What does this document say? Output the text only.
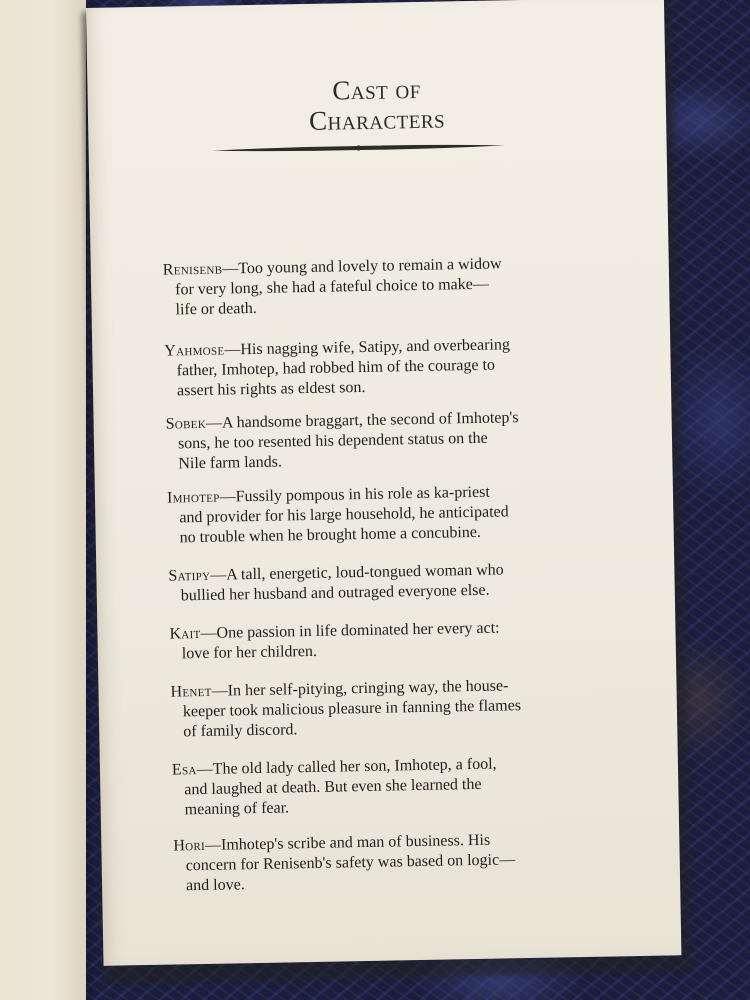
Cast of
Characters
Renisenb—Too young and lovely to remain a widow
for very long, she had a fateful choice to make—
life or death.
Yahmose—His nagging wife, Satipy, and overbearing
father, Imhotep, had robbed him of the courage to
assert his rights as eldest son.
Sobek—A handsome braggart, the second of Imhotep's
sons, he too resented his dependent status on the
Nile farm lands.
Imhotep—Fussily pompous in his role as ka-priest
and provider for his large household, he anticipated
no trouble when he brought home a concubine.
Satipy—A tall, energetic, loud-tongued woman who
bullied her husband and outraged everyone else.
Kait—One passion in life dominated her every act:
love for her children.
Henet—In her self-pitying, cringing way, the house-
keeper took malicious pleasure in fanning the flames
of family discord.
Esa—The old lady called her son, Imhotep, a fool,
and laughed at death. But even she learned the
meaning of fear.
Hori—Imhotep's scribe and man of business. His
concern for Renisenb's safety was based on logic—
and love.
